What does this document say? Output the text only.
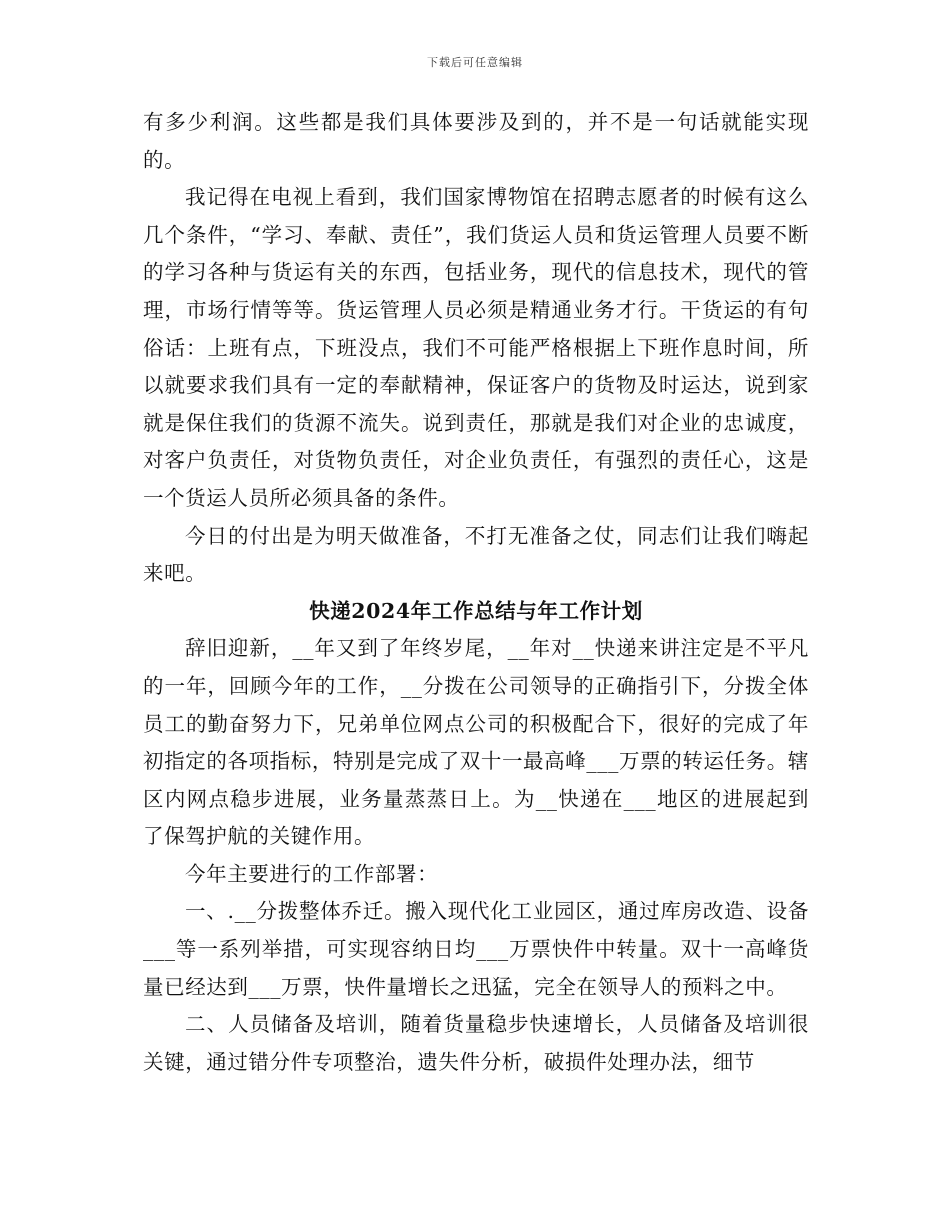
下载后可任意编辑

有多少利润。这些都是我们具体要涉及到的，并不是一句话就能实现的。

我记得在电视上看到，我们国家博物馆在招聘志愿者的时候有这么几个条件，“学习、奉献、责任”，我们货运人员和货运管理人员要不断的学习各种与货运有关的东西，包括业务，现代的信息技术，现代的管理，市场行情等等。货运管理人员必须是精通业务才行。干货运的有句俗话：上班有点，下班没点，我们不可能严格根据上下班作息时间，所以就要求我们具有一定的奉献精神，保证客户的货物及时运达，说到家就是保住我们的货源不流失。说到责任，那就是我们对企业的忠诚度，对客户负责任，对货物负责任，对企业负责任，有强烈的责任心，这是一个货运人员所必须具备的条件。

今日的付出是为明天做准备，不打无准备之仗，同志们让我们嗨起来吧。

快递2024年工作总结与年工作计划

辞旧迎新，__年又到了年终岁尾，__年对__快递来讲注定是不平凡的一年，回顾今年的工作，__分拨在公司领导的正确指引下，分拨全体员工的勤奋努力下，兄弟单位网点公司的积极配合下，很好的完成了年初指定的各项指标，特别是完成了双十一最高峰___万票的转运任务。辖区内网点稳步进展，业务量蒸蒸日上。为__快递在___地区的进展起到了保驾护航的关键作用。

今年主要进行的工作部署：

一、.__分拨整体乔迁。搬入现代化工业园区，通过库房改造、设备___等一系列举措，可实现容纳日均___万票快件中转量。双十一高峰货量已经达到___万票，快件量增长之迅猛，完全在领导人的预料之中。

二、人员储备及培训，随着货量稳步快速增长，人员储备及培训很关键，通过错分件专项整治，遗失件分析，破损件处理办法，细节
